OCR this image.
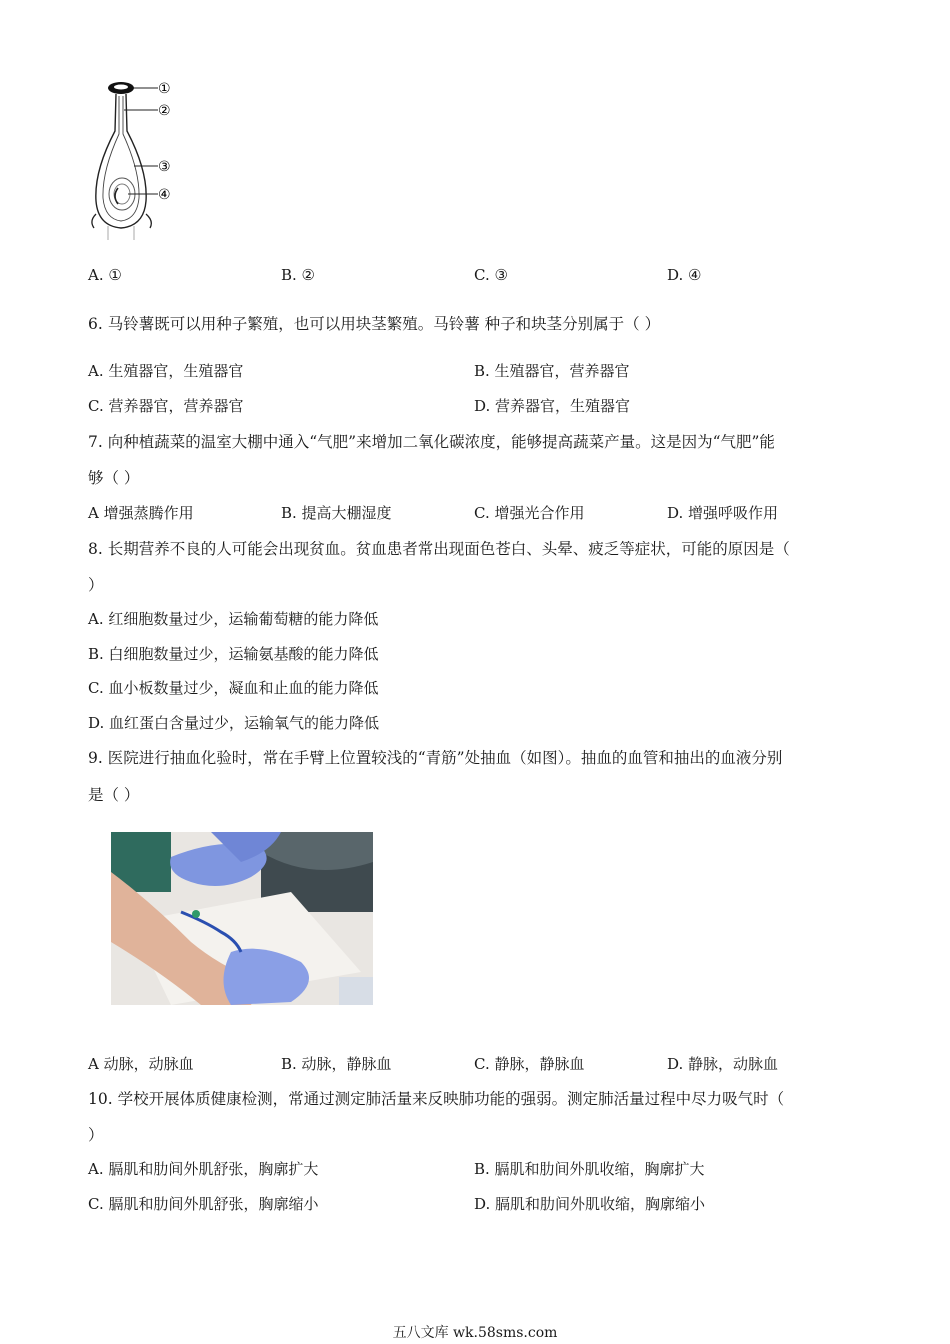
①
②
③
④
A. ①	B. ②	C. ③	D. ④
6. 马铃薯既可以用种子繁殖，也可以用块茎繁殖。马铃薯 种子和块茎分别属于（ ）
A. 生殖器官，生殖器官	B. 生殖器官，营养器官
C. 营养器官，营养器官	D. 营养器官，生殖器官
7. 向种植蔬菜的温室大棚中通入“气肥”来增加二氧化碳浓度，能够提高蔬菜产量。这是因为“气肥”能
够（ ）
A 增强蒸腾作用	B. 提高大棚湿度	C. 增强光合作用	D. 增强呼吸作用
8. 长期营养不良的人可能会出现贫血。贫血患者常出现面色苍白、头晕、疲乏等症状，可能的原因是（
）
A. 红细胞数量过少，运输葡萄糖的能力降低
B. 白细胞数量过少，运输氨基酸的能力降低
C. 血小板数量过少，凝血和止血的能力降低
D. 血红蛋白含量过少，运输氧气的能力降低
9. 医院进行抽血化验时，常在手臂上位置较浅的“青筋”处抽血（如图）。抽血的血管和抽出的血液分别
是（ ）
A 动脉，动脉血	B. 动脉，静脉血	C. 静脉，静脉血	D. 静脉，动脉血
10. 学校开展体质健康检测，常通过测定肺活量来反映肺功能的强弱。测定肺活量过程中尽力吸气时（
）
A. 膈肌和肋间外肌舒张，胸廓扩大	B. 膈肌和肋间外肌收缩，胸廓扩大
C. 膈肌和肋间外肌舒张，胸廓缩小	D. 膈肌和肋间外肌收缩，胸廓缩小
五八文库 wk.58sms.com
